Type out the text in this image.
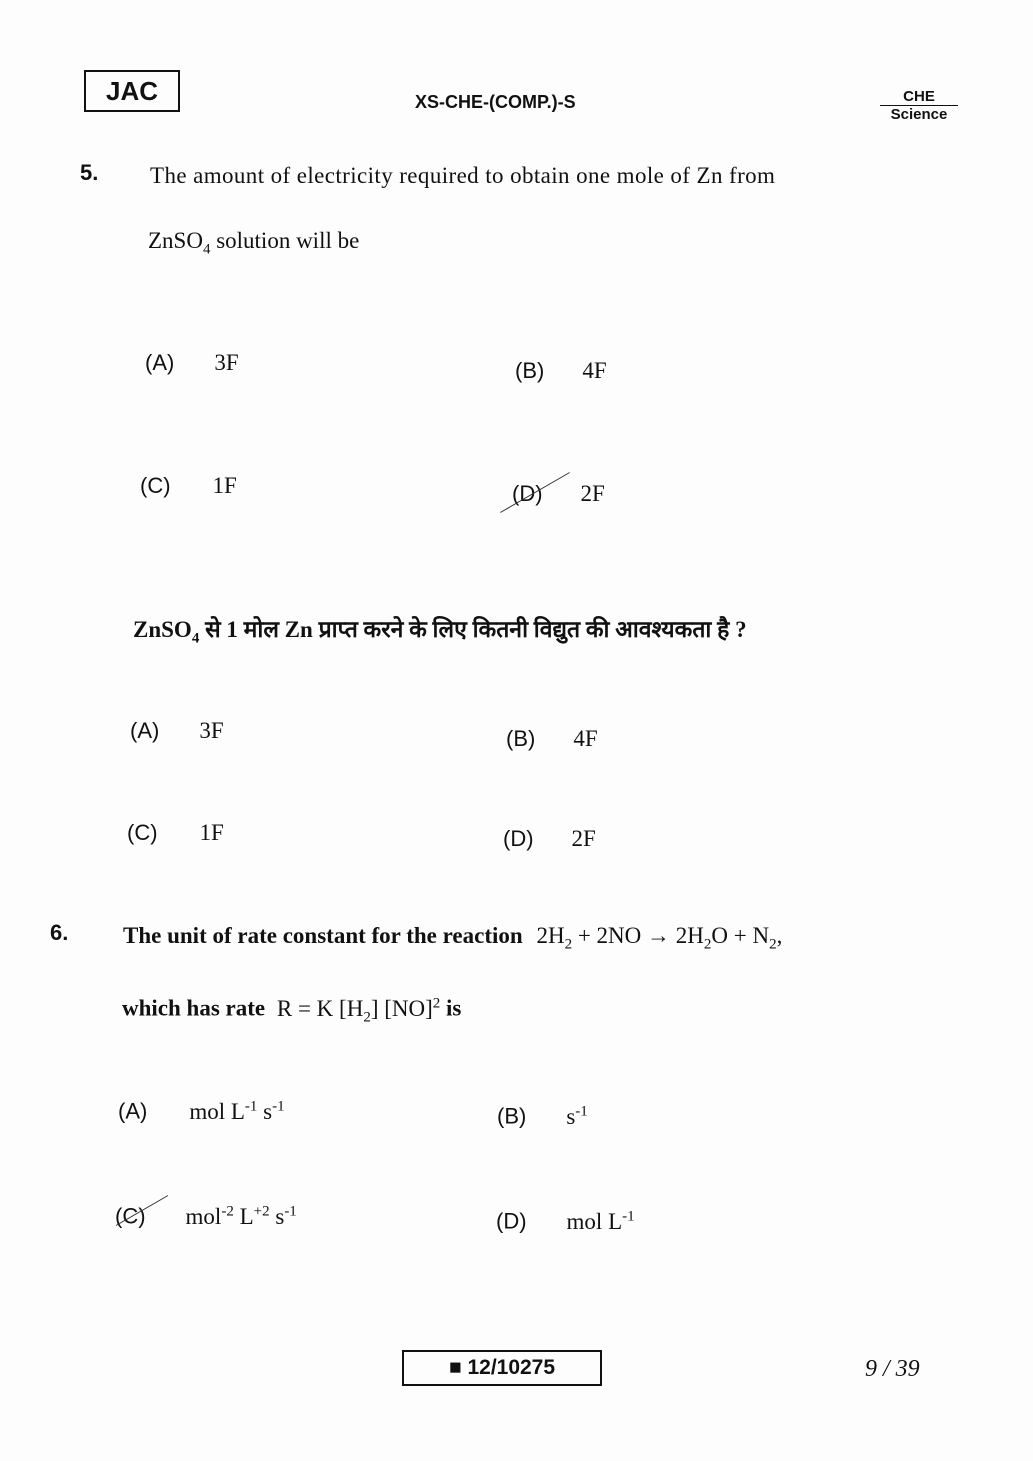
JAC	XS-CHE-(COMP.)-S	CHE
Science
5. The amount of electricity required to obtain one mole of Zn from
ZnSO$_4$ solution will be
(A) 3F	(B) 4F
(C) 1F	(D) 2F
ZnSO$_4$ से 1 मोल Zn प्राप्त करने के लिए कितनी विद्युत की आवश्यकता है ?
(A) 3F	(B) 4F
(C) 1F	(D) 2F
6. The unit of rate constant for the reaction $2H_2 + 2NO \to 2H_2O + N_2$,
which has rate R = K $[H_2]$ [NO]$^2$ is
(A) mol $L^{-1}$ $s^{-1}$	(B) $s^{-1}$
(C) mol$^{-2}$ $L^{+2}$ $s^{-1}$	(D) mol $L^{-1}$
■ 12/10275	9 / 39
